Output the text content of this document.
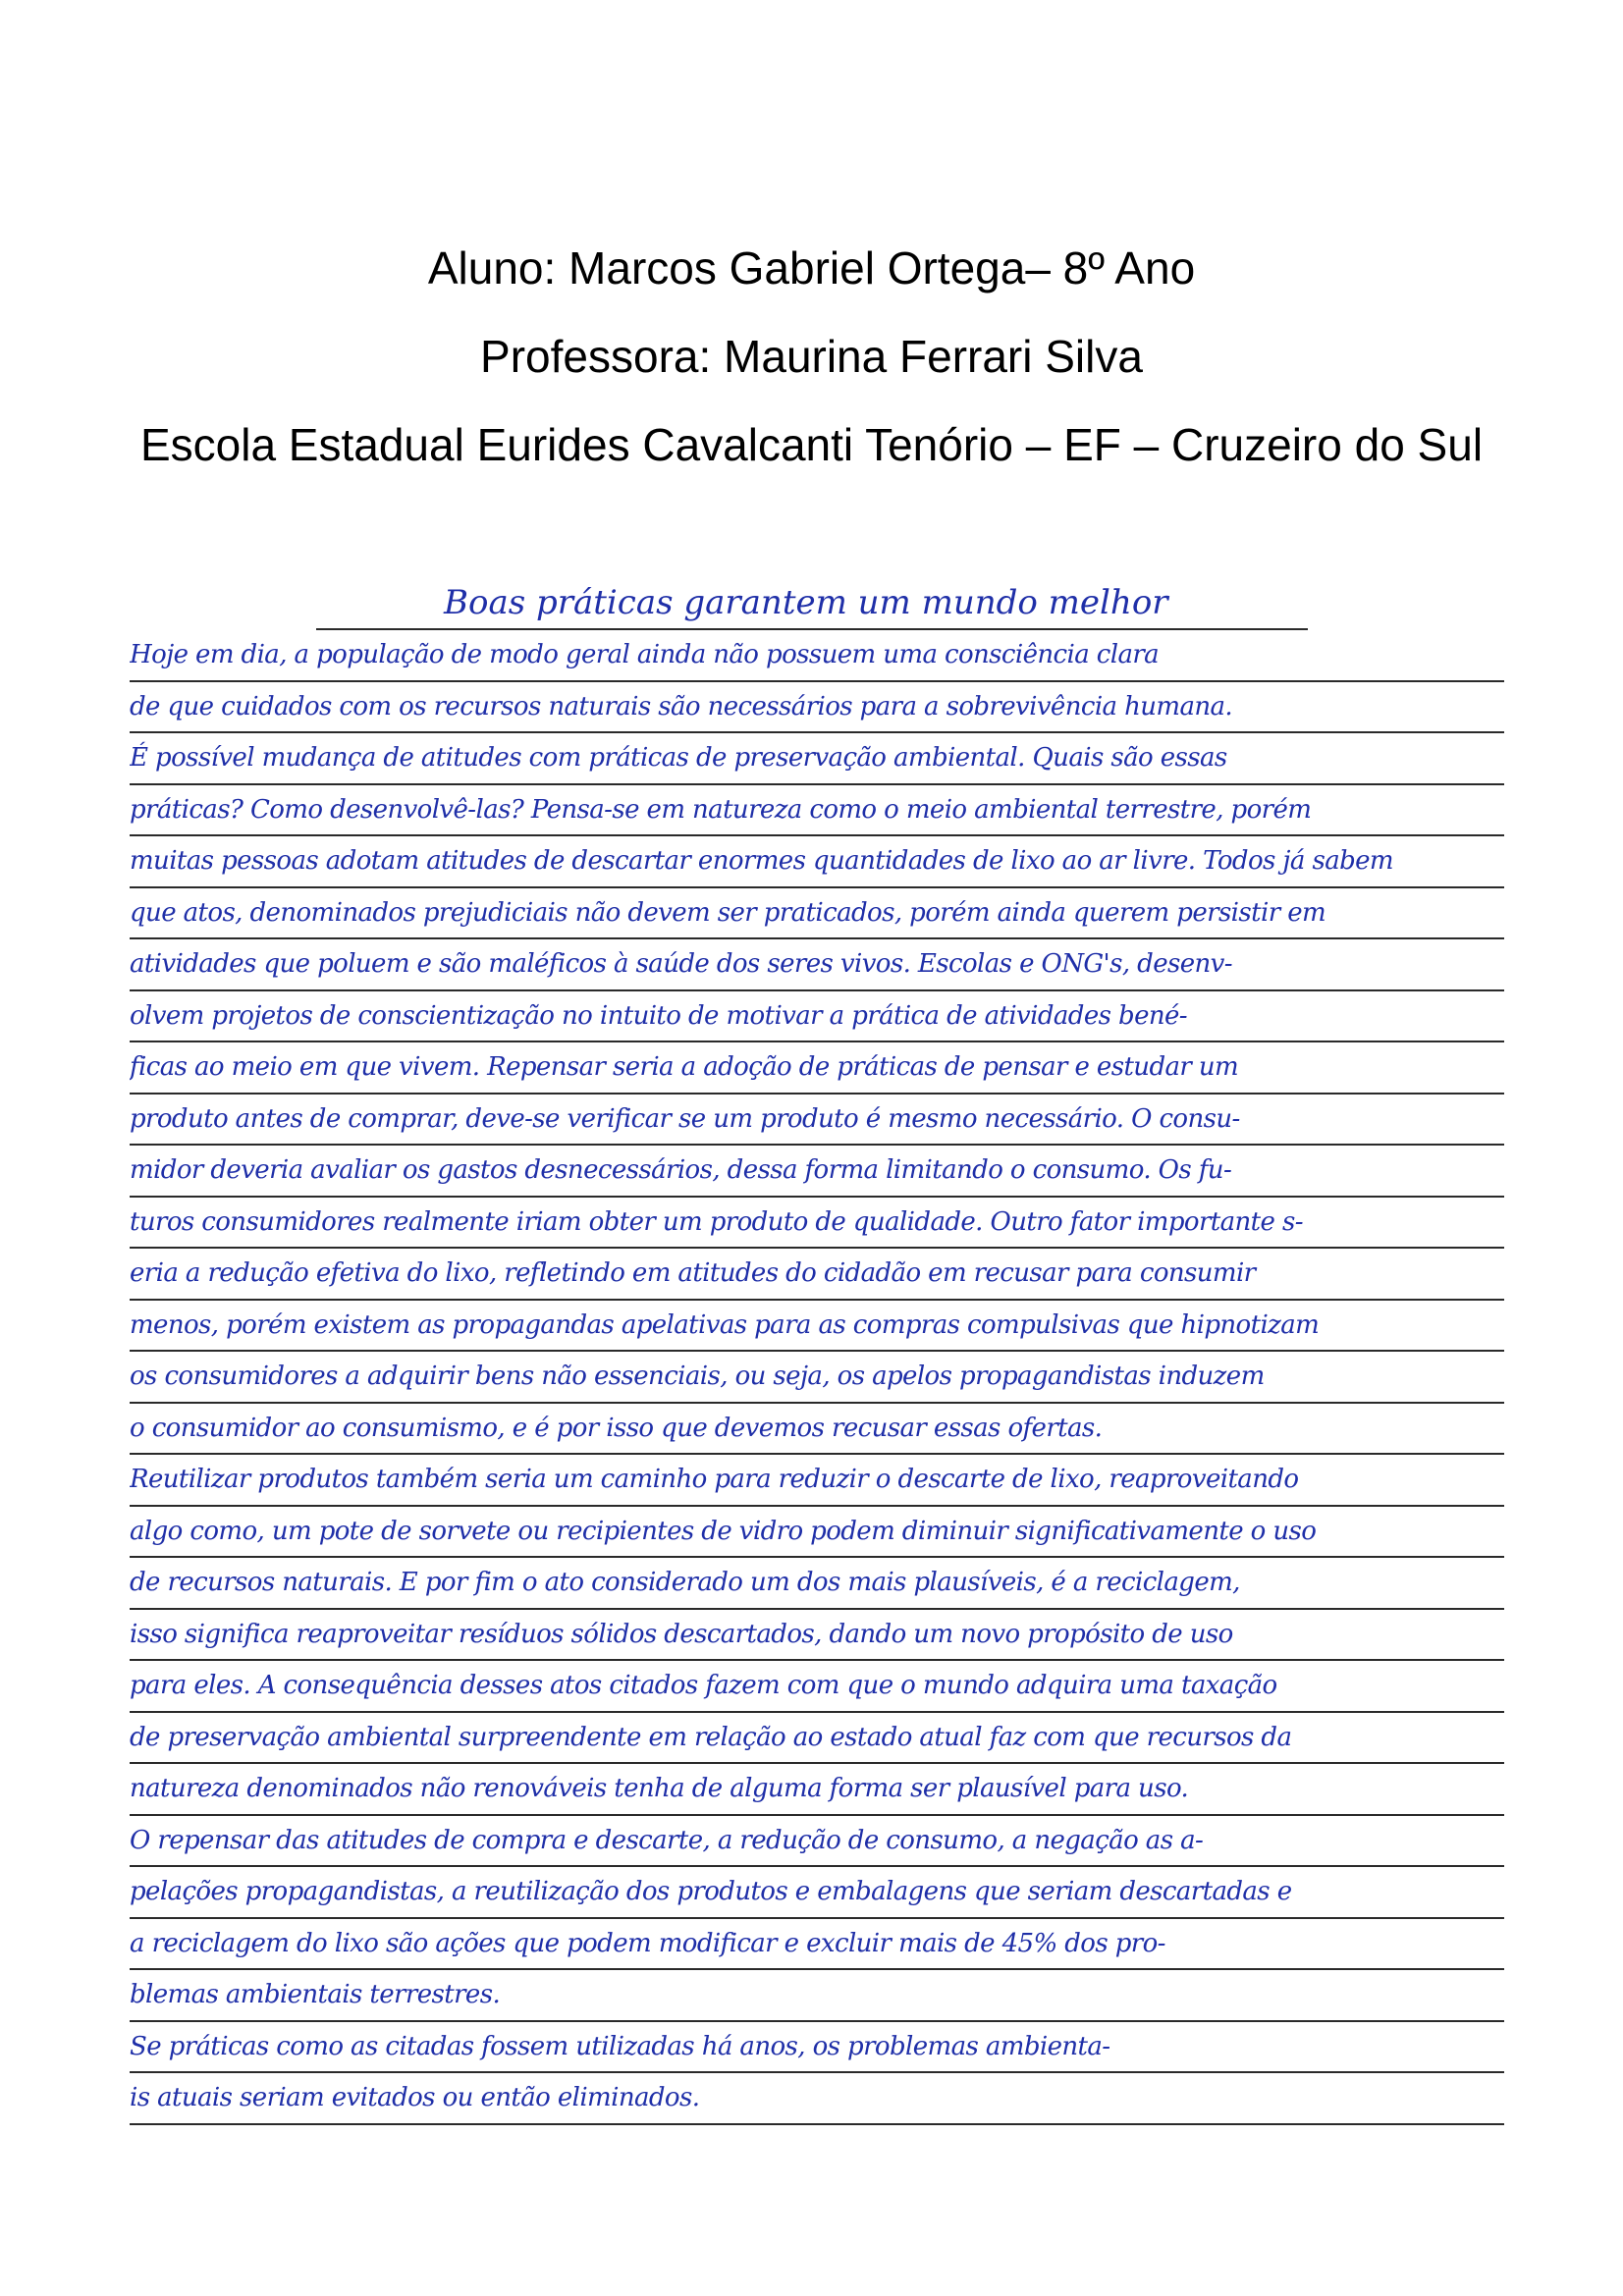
Aluno: Marcos Gabriel Ortega– 8º Ano
Professora: Maurina Ferrari Silva
Escola Estadual Eurides Cavalcanti Tenório – EF – Cruzeiro do Sul
Boas práticas garantem um mundo melhor
Hoje em dia, a população de modo geral ainda não possuem uma consciência clara
de que cuidados com os recursos naturais são necessários para a sobrevivência humana.
É possível mudança de atitudes com práticas de preservação ambiental. Quais são essas
práticas? Como desenvolvê-las? Pensa-se em natureza como o meio ambiental terrestre, porém
muitas pessoas adotam atitudes de descartar enormes quantidades de lixo ao ar livre. Todos já sabem
que atos, denominados prejudiciais não devem ser praticados, porém ainda querem persistir em
atividades que poluem e são maléficos à saúde dos seres vivos. Escolas e ONG's, desenv-
olvem projetos de conscientização no intuito de motivar a prática de atividades bené-
ficas ao meio em que vivem. Repensar seria a adoção de práticas de pensar e estudar um
produto antes de comprar, deve-se verificar se um produto é mesmo necessário. O consu-
midor deveria avaliar os gastos desnecessários, dessa forma limitando o consumo. Os fu-
turos consumidores realmente iriam obter um produto de qualidade. Outro fator importante s-
eria a redução efetiva do lixo, refletindo em atitudes do cidadão em recusar para consumir
menos, porém existem as propagandas apelativas para as compras compulsivas que hipnotizam
os consumidores a adquirir bens não essenciais, ou seja, os apelos propagandistas induzem
o consumidor ao consumismo, e é por isso que devemos recusar essas ofertas.
Reutilizar produtos também seria um caminho para reduzir o descarte de lixo, reaproveitando
algo como, um pote de sorvete ou recipientes de vidro podem diminuir significativamente o uso
de recursos naturais. E por fim o ato considerado um dos mais plausíveis, é a reciclagem,
isso significa reaproveitar resíduos sólidos descartados, dando um novo propósito de uso
para eles. A consequência desses atos citados fazem com que o mundo adquira uma taxação
de preservação ambiental surpreendente em relação ao estado atual faz com que recursos da
natureza denominados não renováveis tenha de alguma forma ser plausível para uso.
O repensar das atitudes de compra e descarte, a redução de consumo, a negação as a-
pelações propagandistas, a reutilização dos produtos e embalagens que seriam descartadas e
a reciclagem do lixo são ações que podem modificar e excluir mais de 45% dos pro-
blemas ambientais terrestres.
Se práticas como as citadas fossem utilizadas há anos, os problemas ambienta-
is atuais seriam evitados ou então eliminados.
